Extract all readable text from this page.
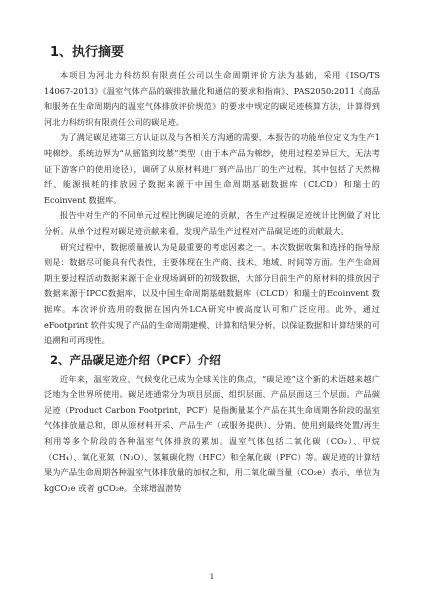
1、执行摘要

本项目为河北力科纺织有限责任公司以生命周期评价方法为基础，采用《ISO/TS 14067-2013》《温室气体产品的碳排放量化和通信的要求和指南》、PAS2050:2011《商品和服务在生命周期内的温室气体排放评价规范》的要求中规定的碳足迹核算方法，计算得到河北力科纺织有限责任公司的碳足迹。

为了满足碳足迹第三方认证以及与各相关方沟通的需要，本报告的功能单位定义为生产1吨棉纱。系统边界为“从摇篮到坟墓”类型（由于本产品为棉纱，使用过程差异巨大，无法考证下游客户的使用途径），调研了从原材料进厂到产品出厂的生产过程，其中包括了天然棉纤、能源损耗的排放因子数据来源于中国生命周期基础数据库（CLCD）和瑞士的 Ecoinvent 数据库。

报告中对生产的不同单元过程比例碳足迹的贡献，各生产过程碳足迹统计比例做了对比分析。从单个过程对碳足迹贡献来看，发现产品生产过程对产品碳足迹的贡献最大。

研究过程中，数据质量被认为是最重要的考虑因素之一。本次数据收集和选择的指导原则是：数据尽可能具有代表性，主要体现在生产商、技术、地域、时间等方面。生产生命周期主要过程活动数据来源于企业现场调研的初级数据，大部分目前生产的原材料的排放因子数据来源于IPCC数据库，以及中国生命周期基础数据库（CLCD）和瑞士的Ecoinvent 数据库。本次评价选用的数据在国内外LCA研究中被高度认可和广泛应用。此外，通过eFootprint 软件实现了产品的生命周期建模、计算和结果分析，以保证数据和计算结果的可追溯和可再现性。

2、产品碳足迹介绍（PCF）介绍

近年来，温室效应、气候变化已成为全球关注的焦点，“碳足迹”这个新的术语越来越广泛地为全世界所使用。碳足迹通常分为项目层面、组织层面、产品层面这三个层面。产品碳足迹（Product Carbon Footprint，PCF）是指衡量某个产品在其生命周期各阶段的温室气体排放量总和，即从原材料开采、产品生产（或服务提供）、分销、使用到最终处置/再生利用等多个阶段的各种温室气体排放的累加。温室气体包括二氧化碳（CO₂）、甲烷（CH₄）、氧化亚氮（N₂O）、氢氟碳化物（HFC）和全氟化碳（PFC）等。碳足迹的计算结果为产品生命周期各种温室气体排放量的加权之和，用二氧化碳当量（CO₂e）表示，单位为 kgCO₂e 或者 gCO₂e。全球增温潜势

1
